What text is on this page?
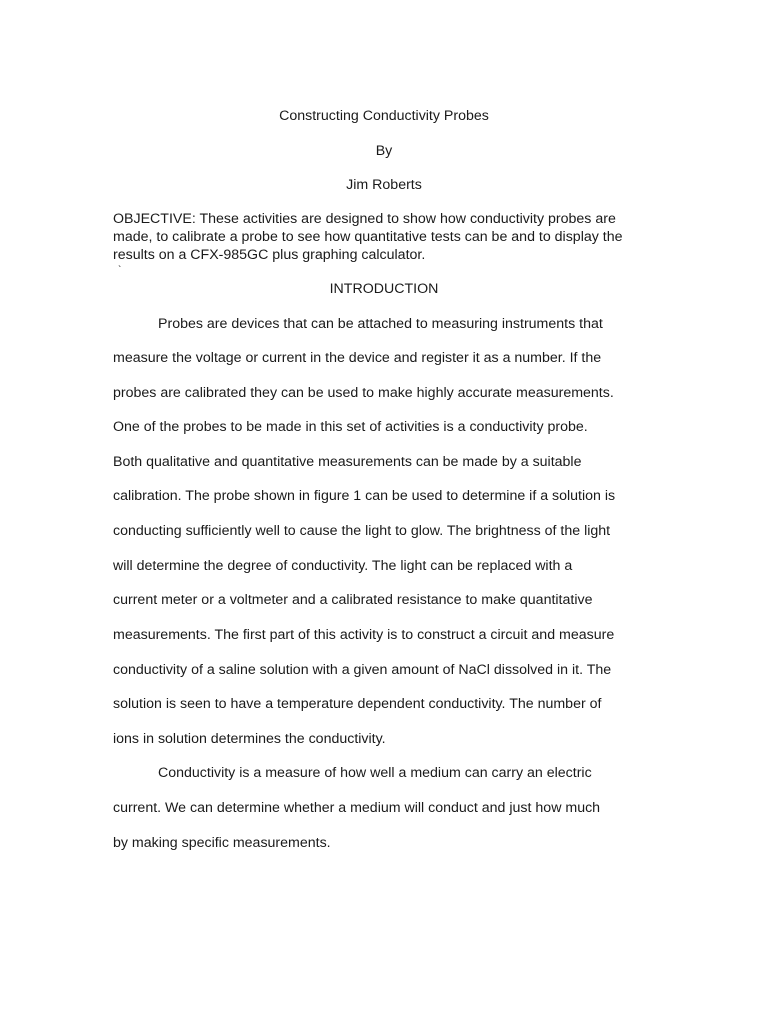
Constructing Conductivity Probes
By
Jim Roberts
OBJECTIVE: These activities are designed to show how conductivity probes are
made, to calibrate a probe to see how quantitative tests can be and to display the
results on a CFX-985GC plus graphing calculator.
`
INTRODUCTION
Probes are devices that can be attached to measuring instruments that
measure the voltage or current in the device and register it as a number. If the
probes are calibrated they can be used to make highly accurate measurements.
One of the probes to be made in this set of activities is a conductivity probe.
Both qualitative and quantitative measurements can be made by a suitable
calibration. The probe shown in figure 1 can be used to determine if a solution is
conducting sufficiently well to cause the light to glow. The brightness of the light
will determine the degree of conductivity. The light can be replaced with a
current meter or a voltmeter and a calibrated resistance to make quantitative
measurements. The first part of this activity is to construct a circuit and measure
conductivity of a saline solution with a given amount of NaCl dissolved in it. The
solution is seen to have a temperature dependent conductivity. The number of
ions in solution determines the conductivity.
Conductivity is a measure of how well a medium can carry an electric
current. We can determine whether a medium will conduct and just how much
by making specific measurements.
